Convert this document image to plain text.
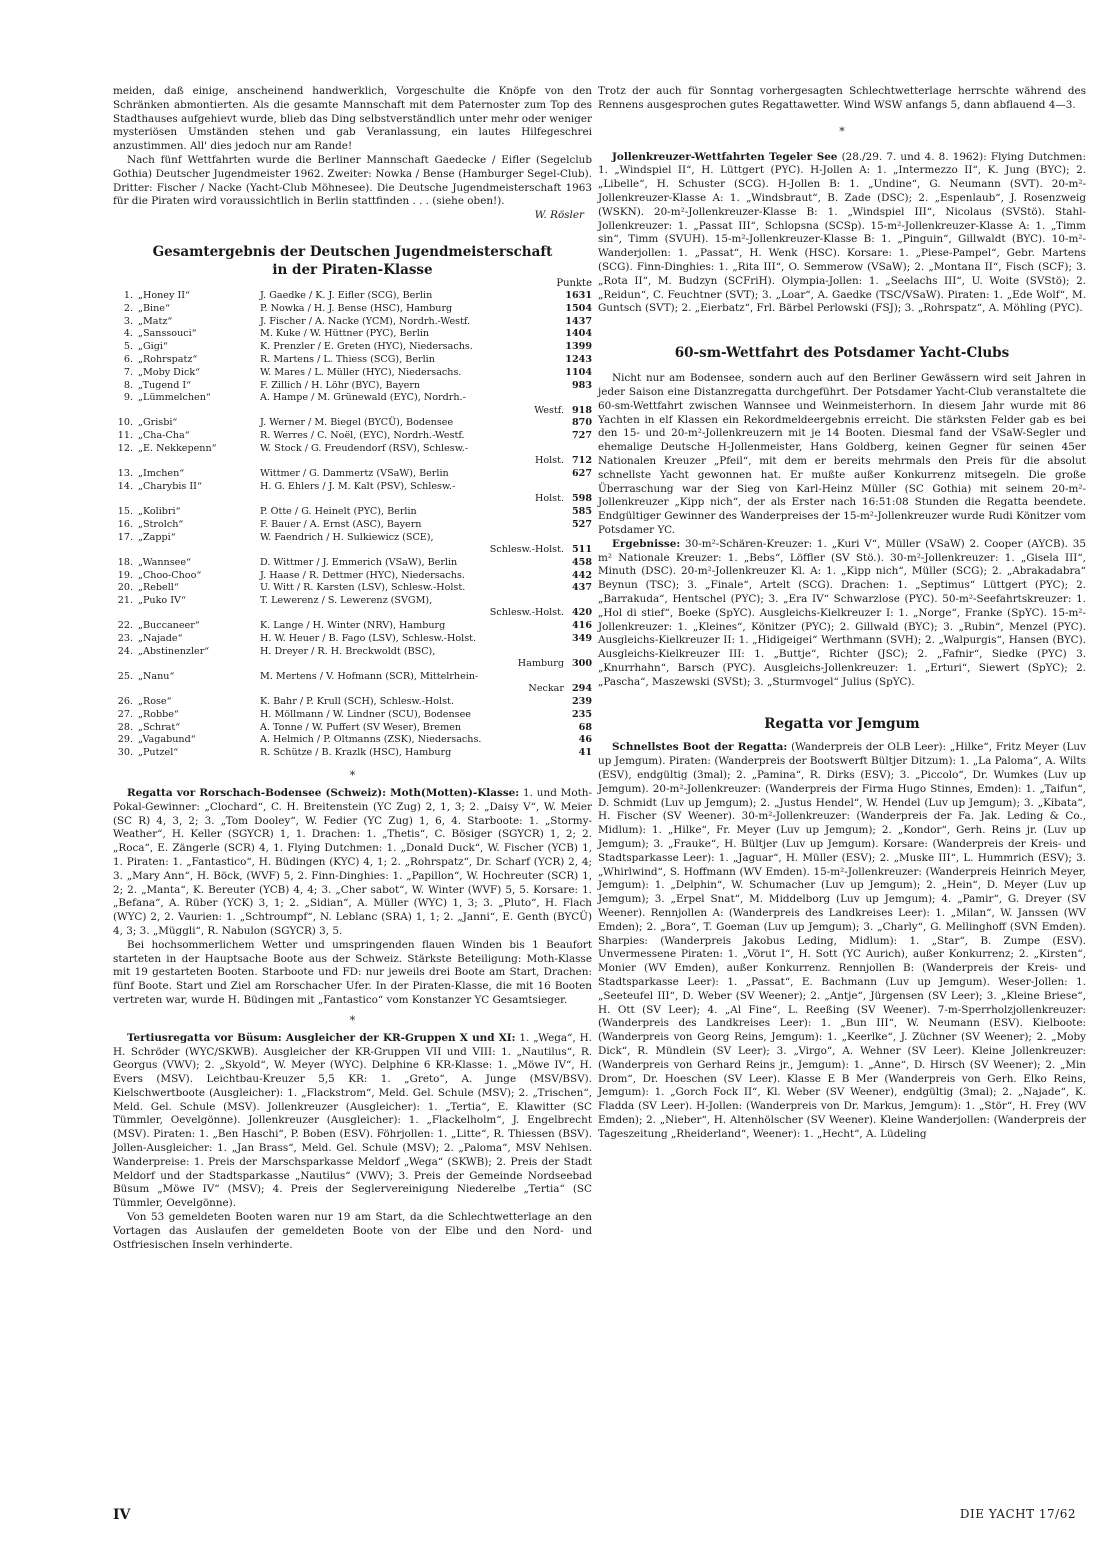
meiden, daß einige, anscheinend handwerklich, Vorgeschulte die Knöpfe von den Schränken abmontierten. Als die gesamte Mannschaft mit dem Paternoster zum Top des Stadthauses aufgehievt wurde, blieb das Ding selbstverständlich unter mehr oder weniger mysteriösen Umständen stehen und gab Veranlassung, ein lautes Hilfegeschrei anzustimmen. All' dies jedoch nur am Rande!

Nach fünf Wettfahrten wurde die Berliner Mannschaft Gaedecke / Eifler (Segelclub Gothia) Deutscher Jugendmeister 1962. Zweiter: Nowka / Bense (Hamburger Segel-Club). Dritter: Fischer / Nacke (Yacht-Club Möhnesee). Die Deutsche Jugendmeisterschaft 1963 für die Piraten wird voraussichtlich in Berlin stattfinden . . . (siehe oben!).

W. Rösler

Gesamtergebnis der Deutschen Jugendmeisterschaft
in der Piraten-Klasse
Punkte
1.	„Honey II“	J. Gaedke / K. J. Eifler (SCG), Berlin	1631

2.	„Bine“	P. Nowka / H. J. Bense (HSC), Hamburg	1504

3.	„Matz“	J. Fischer / A. Nacke (YCM), Nordrh.-Westf.	1437

4.	„Sanssouci“	M. Kuke / W. Hüttner (PYC), Berlin	1404

5.	„Gigi“	K. Prenzler / E. Greten (HYC), Niedersachs.	1399

6.	„Rohrspatz“	R. Martens / L. Thiess (SCG), Berlin	1243

7.	„Moby Dick“	W. Mares / L. Müller (HYC), Niedersachs.	1104

8.	„Tugend I“	F. Zillich / H. Löhr (BYC), Bayern	983

9.	„Lümmelchen“	A. Hampe / M. Grünewald (EYC), Nordrh.-	
		Westf.	918

10.	„Grisbi“	J. Werner / M. Biegel (BYCÜ), Bodensee	870

11.	„Cha-Cha“	R. Werres / C. Noël, (EYC), Nordrh.-Westf.	727

12.	„E. Nekkepenn“	W. Stock / G. Freudendorf (RSV), Schlesw.-	
		Holst.	712

13.	„Imchen“	Wittmer / G. Dammertz (VSaW), Berlin	627

14.	„Charybis II“	H. G. Ehlers / J. M. Kalt (PSV), Schlesw.-	
		Holst.	598

15.	„Kolibri“	P. Otte / G. Heinelt (PYC), Berlin	585

16.	„Strolch“	F. Bauer / A. Ernst (ASC), Bayern	527

17.	„Zappi“	W. Faendrich / H. Sulkiewicz (SCE),	
		Schlesw.-Holst.	511

18.	„Wannsee“	D. Wittmer / J. Emmerich (VSaW), Berlin	458

19.	„Choo-Choo“	J. Haase / R. Dettmer (HYC), Niedersachs.	442

20.	„Rebell“	U. Witt / R. Karsten (LSV), Schlesw.-Holst.	437

21.	„Puko IV“	T. Lewerenz / S. Lewerenz (SVGM),	
		Schlesw.-Holst.	420

22.	„Buccaneer“	K. Lange / H. Winter (NRV), Hamburg	416

23.	„Najade“	H. W. Heuer / B. Fago (LSV), Schlesw.-Holst.	349

24.	„Abstinenzler“	H. Dreyer / R. H. Breckwoldt (BSC),	
		Hamburg	300

25.	„Nanu“	M. Mertens / V. Hofmann (SCR), Mittelrhein-	
		Neckar	294

26.	„Rose“	K. Bahr / P. Krull (SCH), Schlesw.-Holst.	239

27.	„Robbe“	H. Möllmann / W. Lindner (SCU), Bodensee	235

28.	„Schrat“	A. Tonne / W. Puffert (SV Weser), Bremen	68

29.	„Vagabund“	A. Helmich / P. Oltmanns (ZSK), Niedersachs.	46

30.	„Putzel“	R. Schütze / B. Krazlk (HSC), Hamburg	41

*

Regatta vor Rorschach-Bodensee (Schweiz): Moth(Motten)-Klasse: 1. und Moth-Pokal-Gewinner: „Clochard“, C. H. Breitenstein (YC Zug) 2, 1, 3; 2. „Daisy V“, W. Meier (SC R) 4, 3, 2; 3. „Tom Dooley“, W. Fedier (YC Zug) 1, 6, 4. Starboote: 1. „Stormy-Weather“, H. Keller (SGYCR) 1, 1. Drachen: 1. „Thetis“, C. Bösiger (SGYCR) 1, 2; 2. „Roca“, E. Zängerle (SCR) 4, 1. Flying Dutchmen: 1. „Donald Duck“, W. Fischer (YCB) 1, 1. Piraten: 1. „Fantastico“, H. Büdingen (KYC) 4, 1; 2. „Rohrspatz“, Dr. Scharf (YCR) 2, 4; 3. „Mary Ann“, H. Böck, (WVF) 5, 2. Finn-Dinghies: 1. „Papillon“, W. Hochreuter (SCR) 1, 2; 2. „Manta“, K. Bereuter (YCB) 4, 4; 3. „Cher sabot“, W. Winter (WVF) 5, 5. Korsare: 1. „Befana“, A. Rüber (YCK) 3, 1; 2. „Sidian“, A. Müller (WYC) 1, 3; 3. „Pluto“, H. Flach (WYC) 2, 2. Vaurien: 1. „Schtroumpf“, N. Leblanc (SRA) 1, 1; 2. „Janni“, E. Genth (BYCÜ) 4, 3; 3. „Müggli“, R. Nabulon (SGYCR) 3, 5.

Bei hochsommerlichem Wetter und umspringenden flauen Winden bis 1 Beaufort starteten in der Hauptsache Boote aus der Schweiz. Stärkste Beteiligung: Moth-Klasse mit 19 gestarteten Booten. Starboote und FD: nur jeweils drei Boote am Start, Drachen: fünf Boote. Start und Ziel am Rorschacher Ufer. In der Piraten-Klasse, die mit 16 Booten vertreten war, wurde H. Büdingen mit „Fantastico“ vom Konstanzer YC Gesamtsieger.

*

Tertiusregatta vor Büsum: Ausgleicher der KR-Gruppen X und XI: 1. „Wega“, H. H. Schröder (WYC/SKWB). Ausgleicher der KR-Gruppen VII und VIII: 1. „Nautilus“, R. Georgus (VWV); 2. „Skyold“, W. Meyer (WYC). Delphine 6 KR-Klasse: 1. „Möwe IV“, H. Evers (MSV). Leichtbau-Kreuzer 5,5 KR: 1. „Greto“, A. Junge (MSV/BSV). Kielschwertboote (Ausgleicher): 1. „Flackstrom“, Meld. Gel. Schule (MSV); 2. „Trischen“, Meld. Gel. Schule (MSV). Jollenkreuzer (Ausgleicher): 1. „Tertia“, E. Klawitter (SC Tümmler, Oevelgönne). Jollenkreuzer (Ausgleicher): 1. „Flackelholm“, J. Engelbrecht (MSV). Piraten: 1. „Ben Haschi“, P. Boben (ESV). Föhrjollen: 1. „Litte“, R. Thiessen (BSV). Jollen-Ausgleicher: 1. „Jan Brass“, Meld. Gel. Schule (MSV); 2. „Paloma“, MSV Nehlsen. Wanderpreise: 1. Preis der Marschsparkasse Meldorf „Wega“ (SKWB); 2. Preis der Stadt Meldorf und der Stadtsparkasse „Nautilus“ (VWV); 3. Preis der Gemeinde Nordseebad Büsum „Möwe IV“ (MSV); 4. Preis der Seglervereinigung Niederelbe „Tertia“ (SC Tümmler, Oevelgönne).

Von 53 gemeldeten Booten waren nur 19 am Start, da die Schlechtwetterlage an den Vortagen das Auslaufen der gemeldeten Boote von der Elbe und den Nord- und Ostfriesischen Inseln verhinderte.

Trotz der auch für Sonntag vorhergesagten Schlechtwetterlage herrschte während des Rennens ausgesprochen gutes Regattawetter. Wind WSW anfangs 5, dann abflauend 4—3.

*

Jollenkreuzer-Wettfahrten Tegeler See (28./29. 7. und 4. 8. 1962): Flying Dutchmen: 1. „Windspiel II“, H. Lüttgert (PYC). H-Jollen A: 1. „Intermezzo II“, K. Jung (BYC); 2. „Libelle“, H. Schuster (SCG). H-Jollen B: 1. „Undine“, G. Neumann (SVT). 20-m²-Jollenkreuzer-Klasse A: 1. „Windsbraut“, B. Zade (DSC); 2. „Espenlaub“, J. Rosenzweig (WSKN). 20-m²-Jollenkreuzer-Klasse B: 1. „Windspiel III“, Nicolaus (SVStö). Stahl-Jollenkreuzer: 1. „Passat III“, Schlopsna (SCSp). 15-m²-Jollenkreuzer-Klasse A: 1. „Timm sin“, Timm (SVUH). 15-m²-Jollenkreuzer-Klasse B: 1. „Pinguin“, Gillwaldt (BYC). 10-m²-Wanderjollen: 1. „Passat“, H. Wenk (HSC). Korsare: 1. „Piese-Pampel“, Gebr. Martens (SCG). Finn-Dinghies: 1. „Rita III“, O. Semmerow (VSaW); 2. „Montana II“, Fisch (SCF); 3. „Rota II“, M. Budzyn (SCFriH). Olympia-Jollen: 1. „Seelachs III“, U. Woite (SVStö); 2. „Reidun“, C. Feuchtner (SVT); 3. „Loar“, A. Gaedke (TSC/VSaW). Piraten: 1. „Ede Wolf“, M. Guntsch (SVT); 2. „Eierbatz“, Frl. Bärbel Perlowski (FSJ); 3. „Rohrspatz“, A. Möhling (PYC).

60-sm-Wettfahrt des Potsdamer Yacht-Clubs

Nicht nur am Bodensee, sondern auch auf den Berliner Gewässern wird seit Jahren in jeder Saison eine Distanzregatta durchgeführt. Der Potsdamer Yacht-Club veranstaltete die 60-sm-Wettfahrt zwischen Wannsee und Weinmeisterhorn. In diesem Jahr wurde mit 86 Yachten in elf Klassen ein Rekordmeldeergebnis erreicht. Die stärksten Felder gab es bei den 15- und 20-m²-Jollenkreuzern mit je 14 Booten. Diesmal fand der VSaW-Segler und ehemalige Deutsche H-Jollenmeister, Hans Goldberg, keinen Gegner für seinen 45er Nationalen Kreuzer „Pfeil“, mit dem er bereits mehrmals den Preis für die absolut schnellste Yacht gewonnen hat. Er mußte außer Konkurrenz mitsegeln. Die große Überraschung war der Sieg von Karl-Heinz Müller (SC Gothia) mit seinem 20-m²-Jollenkreuzer „Kipp nich“, der als Erster nach 16:51:08 Stunden die Regatta beendete. Endgültiger Gewinner des Wanderpreises der 15-m²-Jollenkreuzer wurde Rudi Könitzer vom Potsdamer YC.

Ergebnisse: 30-m²-Schären-Kreuzer: 1. „Kuri V“, Müller (VSaW) 2. Cooper (AYCB). 35 m² Nationale Kreuzer: 1. „Bebs“, Löffler (SV Stö.). 30-m²-Jollenkreuzer: 1. „Gisela III“, Minuth (DSC). 20-m²-Jollenkreuzer Kl. A: 1. „Kipp nich“, Müller (SCG); 2. „Abrakadabra“ Beynun (TSC); 3. „Finale“, Artelt (SCG). Drachen: 1. „Septimus“ Lüttgert (PYC); 2. „Barrakuda“, Hentschel (PYC); 3. „Era IV“ Schwarzlose (PYC). 50-m²-Seefahrtskreuzer: 1. „Hol di stief“, Boeke (SpYC). Ausgleichs-Kielkreuzer I: 1. „Norge“, Franke (SpYC). 15-m²-Jollenkreuzer: 1. „Kleines“, Könitzer (PYC); 2. Gillwald (BYC); 3. „Rubin“, Menzel (PYC). Ausgleichs-Kielkreuzer II: 1. „Hidigeigei“ Werthmann (SVH); 2. „Walpurgis“, Hansen (BYC). Ausgleichs-Kielkreuzer III: 1. „Buttje“, Richter (JSC); 2. „Fafnir“, Siedke (PYC) 3. „Knurrhahn“, Barsch (PYC). Ausgleichs-Jollenkreuzer: 1. „Erturi“, Siewert (SpYC); 2. „Pascha“, Maszewski (SVSt); 3. „Sturmvogel“ Julius (SpYC).

Regatta vor Jemgum

Schnellstes Boot der Regatta: (Wanderpreis der OLB Leer): „Hilke“, Fritz Meyer (Luv up Jemgum). Piraten: (Wanderpreis der Bootswerft Bültjer Ditzum): 1. „La Paloma“, A. Wilts (ESV), endgültig (3mal); 2. „Pamina“, R. Dirks (ESV); 3. „Piccolo“, Dr. Wumkes (Luv up Jemgum). 20-m²-Jollenkreuzer: (Wanderpreis der Firma Hugo Stinnes, Emden): 1. „Taifun“, D. Schmidt (Luv up Jemgum); 2. „Justus Hendel“, W. Hendel (Luv up Jemgum); 3. „Kibata“, H. Fischer (SV Weener). 30-m²-Jollenkreuzer: (Wanderpreis der Fa. Jak. Leding & Co., Midlum): 1. „Hilke“, Fr. Meyer (Luv up Jemgum); 2. „Kondor“, Gerh. Reins jr. (Luv up Jemgum); 3. „Frauke“, H. Bültjer (Luv up Jemgum). Korsare: (Wanderpreis der Kreis- und Stadtsparkasse Leer): 1. „Jaguar“, H. Müller (ESV); 2. „Muske III“, L. Hummrich (ESV); 3. „Whirlwind“, S. Hoffmann (WV Emden). 15-m²-Jollenkreuzer: (Wanderpreis Heinrich Meyer, Jemgum): 1. „Delphin“, W. Schumacher (Luv up Jemgum); 2. „Hein“, D. Meyer (Luv up Jemgum); 3. „Erpel Snat“, M. Middelborg (Luv up Jemgum); 4. „Pamir“, G. Dreyer (SV Weener). Rennjollen A: (Wanderpreis des Landkreises Leer): 1. „Milan“, W. Janssen (WV Emden); 2. „Bora“, T. Goeman (Luv up Jemgum); 3. „Charly“, G. Mellinghoff (SVN Emden). Sharpies: (Wanderpreis Jakobus Leding, Midlum): 1. „Star“, B. Zumpe (ESV). Unvermessene Piraten: 1. „Vörut I“, H. Sott (YC Aurich), außer Konkurrenz; 2. „Kirsten“, Monier (WV Emden), außer Konkurrenz. Rennjollen B: (Wanderpreis der Kreis- und Stadtsparkasse Leer): 1. „Passat“, E. Bachmann (Luv up Jemgum). Weser-Jollen: 1. „Seeteufel III“, D. Weber (SV Weener); 2. „Antje“, Jürgensen (SV Leer); 3. „Kleine Briese“, H. Ott (SV Leer); 4. „Al Fine“, L. Reeßing (SV Weener). 7-m-Sperrholzjollenkreuzer: (Wanderpreis des Landkreises Leer): 1. „Bun III“, W. Neumann (ESV). Kielboote: (Wanderpreis von Georg Reins, Jemgum): 1. „Keerlke“, J. Züchner (SV Weener); 2. „Moby Dick“, R. Mündlein (SV Leer); 3. „Virgo“, A. Wehner (SV Leer). Kleine Jollenkreuzer: (Wanderpreis von Gerhard Reins jr., Jemgum): 1. „Anne“, D. Hirsch (SV Weener); 2. „Min Drom“, Dr. Hoeschen (SV Leer). Klasse E B Mer (Wanderpreis von Gerh. Elko Reins, Jemgum): 1. „Gorch Fock II“, Kl. Weber (SV Weener), endgültig (3mal); 2. „Najade“, K. Fladda (SV Leer). H-Jollen: (Wanderpreis von Dr. Markus, Jemgum): 1. „Stör“, H. Frey (WV Emden); 2. „Nieber“, H. Altenhölscher (SV Weener). Kleine Wanderjollen: (Wanderpreis der Tageszeitung „Rheiderland“, Weener): 1. „Hecht“, A. Lüdeling

IV	DIE YACHT 17/62
